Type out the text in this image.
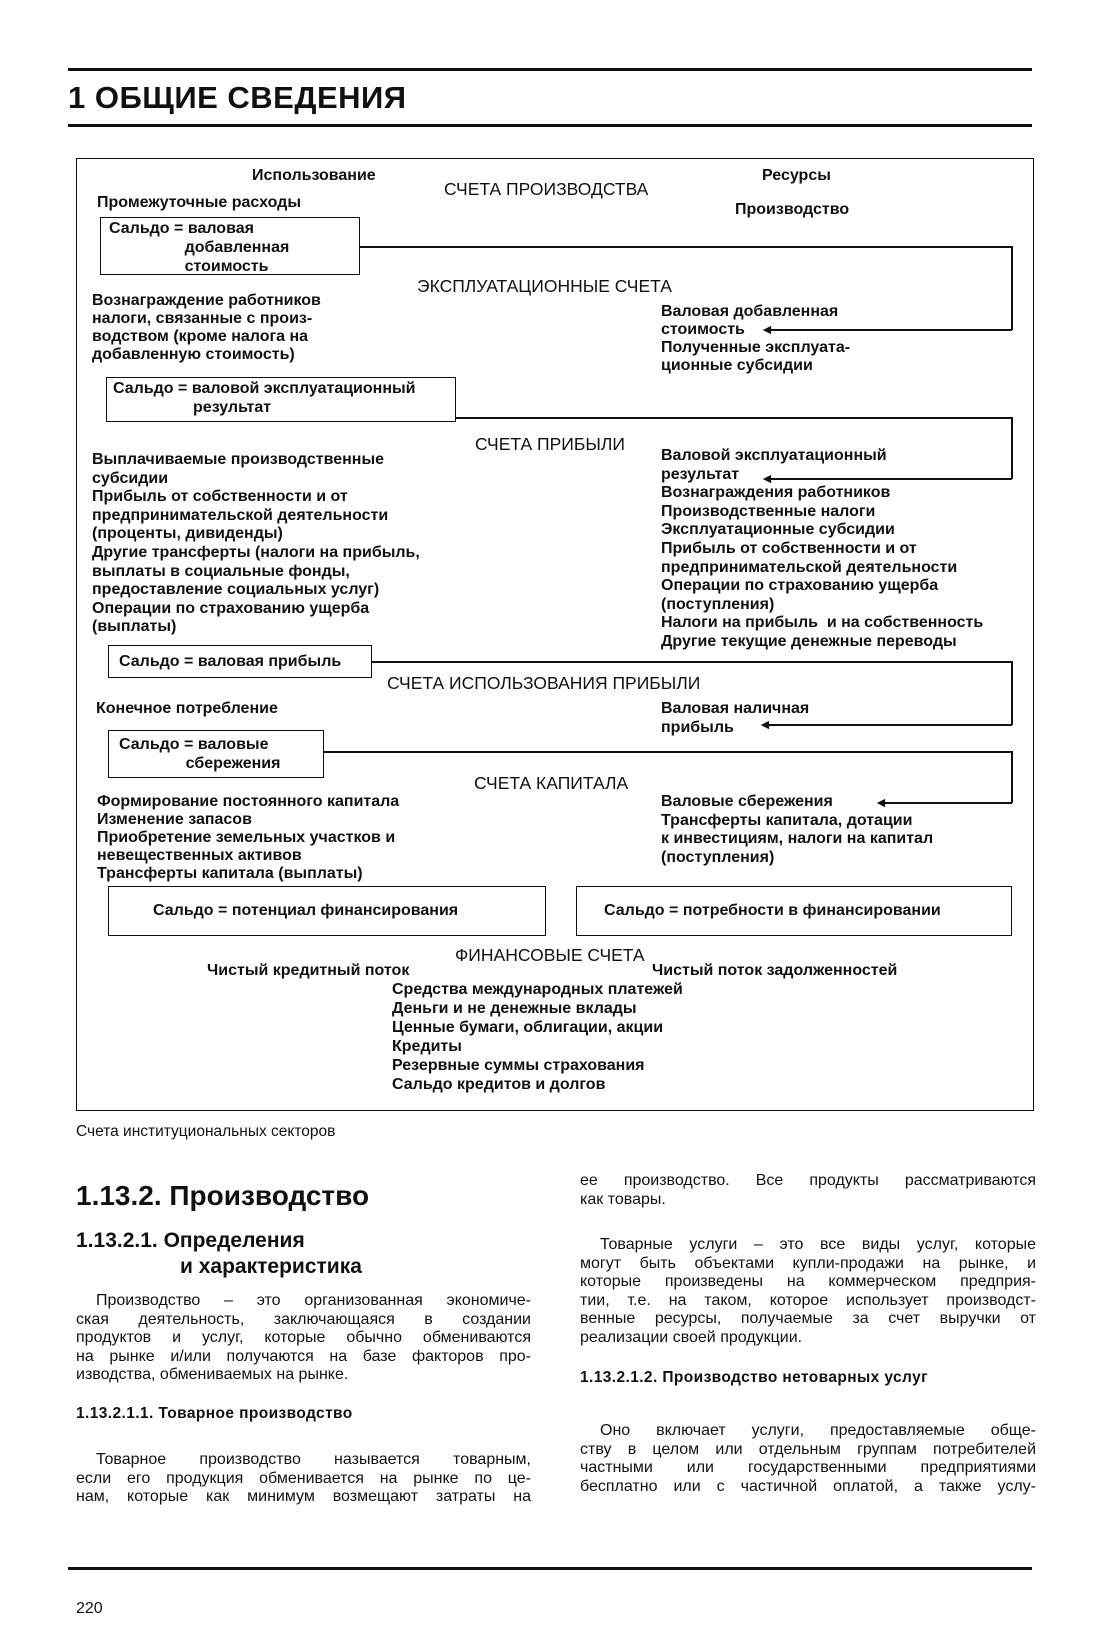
1 ОБЩИЕ СВЕДЕНИЯ
Использование	Ресурсы
СЧЕТА ПРОИЗВОДСТВА
Промежуточные расходы	Производство
Сальдо = валовая
добавленная
стоимость
◄
ЭКСПЛУАТАЦИОННЫЕ СЧЕТА
Вознаграждение работников
налоги, связанные с произ-
водством (кроме налога на
добавленную стоимость)
Валовая добавленная
стоимость
Полученные эксплуата-
ционные субсидии
Сальдо = валовой эксплуатационный
результат
◄
СЧЕТА ПРИБЫЛИ
Выплачиваемые производственные
субсидии
Прибыль от собственности и от
предпринимательской деятельности
(проценты, дивиденды)
Другие трансферты (налоги на прибыль,
выплаты в социальные фонды,
предоставление социальных услуг)
Операции по страхованию ущерба
(выплаты)
Валовой эксплуатационный
результат
Вознаграждения работников
Производственные налоги
Эксплуатационные субсидии
Прибыль от собственности и от
предпринимательской деятельности
Операции по страхованию ущерба
(поступления)
Налоги на прибыль  и на собственность
Другие текущие денежные переводы
Сальдо = валовая прибыль
◄
СЧЕТА ИСПОЛЬЗОВАНИЯ ПРИБЫЛИ
Конечное потребление	Валовая наличная
прибыль
Сальдо = валовые
сбережения
◄
СЧЕТА КАПИТАЛА
Формирование постоянного капитала
Изменение запасов
Приобретение земельных участков и
невещественных активов
Трансферты капитала (выплаты)
Валовые сбережения
Трансферты капитала, дотации
к инвестициям, налоги на капитал
(поступления)
Сальдо = потенциал финансирования	Сальдо = потребности в финансировании
ФИНАНСОВЫЕ СЧЕТА
Чистый кредитный поток	Чистый поток задолженностей
Средства международных платежей
Деньги и не денежные вклады
Ценные бумаги, облигации, акции
Кредиты
Резервные суммы страхования
Сальдо кредитов и долгов
Счета институциональных секторов
1.13.2. Производство
1.13.2.1. Определения
и характеристика
Производство – это организованная экономиче-
ская деятельность, заключающаяся в создании
продуктов и услуг, которые обычно обмениваются
на рынке и/или получаются на базе факторов про-
изводства, обмениваемых на рынке.
1.13.2.1.1. Товарное производство
Товарное производство называется товарным,
если его продукция обменивается на рынке по це-
нам, которые как минимум возмещают затраты на
ее производство. Все продукты рассматриваются
как товары.
Товарные услуги – это все виды услуг, которые
могут быть объектами купли-продажи на рынке, и
которые произведены на коммерческом предприя-
тии, т.е. на таком, которое использует производст-
венные ресурсы, получаемые за счет выручки от
реализации своей продукции.
1.13.2.1.2. Производство нетоварных услуг
Оно включает услуги, предоставляемые обще-
ству в целом или отдельным группам потребителей
частными или государственными предприятиями
бесплатно или с частичной оплатой, а также услу-
220
